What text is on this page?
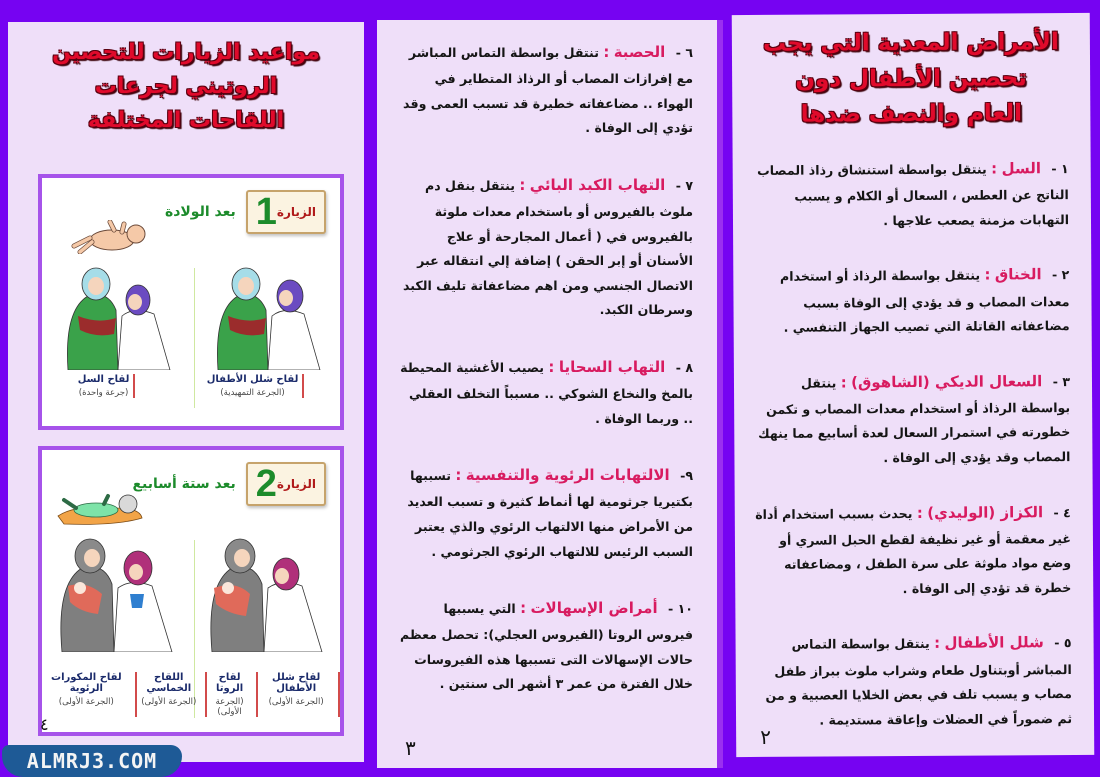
الأمراض المعدية التي يجب
تحصين الأطفال دون
العام والنصف ضدها

١ - السل : ينتقل بواسطة استنشاق رذاذ المصاب الناتج عن العطس ، السعال أو الكلام و يسبب التهابات مزمنة يصعب علاجها .

٢ - الخناق : ينتقل بواسطة الرذاذ أو استخدام معدات المصاب و قد يؤدي إلى الوفاة بسبب مضاعفاته القاتلة التي تصيب الجهاز التنفسي .

٣ - السعال الديكي (الشاهوق) : ينتقل بواسطة الرذاذ أو استخدام معدات المصاب و تكمن خطورته في استمرار السعال لعدة أسابيع مما ينهك المصاب وقد يؤدي إلى الوفاة .

٤ - الكزاز (الوليدي) : يحدث بسبب استخدام أداة غير معقمة أو غير نظيفة لقطع الحبل السري أو وضع مواد ملوثة على سرة الطفل ، ومضاعفاته خطرة قد تؤدي إلى الوفاة .

٥ - شلل الأطفال : ينتقل بواسطة التماس المباشر أوبتناول طعام وشراب ملوث ببراز طفل مصاب و يسبب تلف في بعض الخلايا العصبية و من ثم ضموراً في العضلات وإعاقة مستديمة .

٢

٦ - الحصبة : تنتقل بواسطة التماس المباشر مع إفرازات المصاب أو الرذاذ المتطاير في الهواء .. مضاعفاته خطيرة قد تسبب العمى وقد تؤدي إلى الوفاة .

٧ - التهاب الكبد البائي : ينتقل بنقل دم ملوث بالفيروس أو باستخدام معدات ملوثة بالفيروس في ( أعمال المجارحة أو علاج الأسنان أو إبر الحقن ) إضافة إلي انتقاله عبر الاتصال الجنسي ومن اهم مضاعفاتة تليف الكبد وسرطان الكبد.

٨ - التهاب السحايا : يصيب الأغشية المحيطة بالمخ والنخاع الشوكي .. مسبباً التخلف العقلي .. وربما الوفاة .

٩- الالتهابات الرئوية والتنفسية : تسببها بكتيريا جرثومية لها أنماط كثيرة و تسبب العديد من الأمراض منها الالتهاب الرئوي والذي يعتبر السبب الرئيس للالتهاب الرئوي الجرثومي .

١٠ - أمراض الإسهالات : التي يسببها فيروس الروتا (الفيروس العجلي): تحصل معظم حالات الإسهالات التى تسببها هذه الفيروسات خلال الفترة من عمر ٣ أشهر الى سنتين .

٣
مواعيد الزيارات للتحصين
الروتيني لجرعات
اللقاحات المختلفة
الزيارة
1
بعد الولادة
لقاح شلل الأطفال
(الجرعة التمهيدية)
لقاح السل
(جرعة واحدة)
الزيارة
2
بعد ستة أسابيع
لقاح شلل الأطفال
(الجرعة الأولى)
لقاح الروتا
(الجرعة الأولى)
اللقاح الخماسي
(الجرعة الأولى)
لقاح المكورات الرئوية
(الجرعة الأولى)
٤
ALMRJ3.COM
